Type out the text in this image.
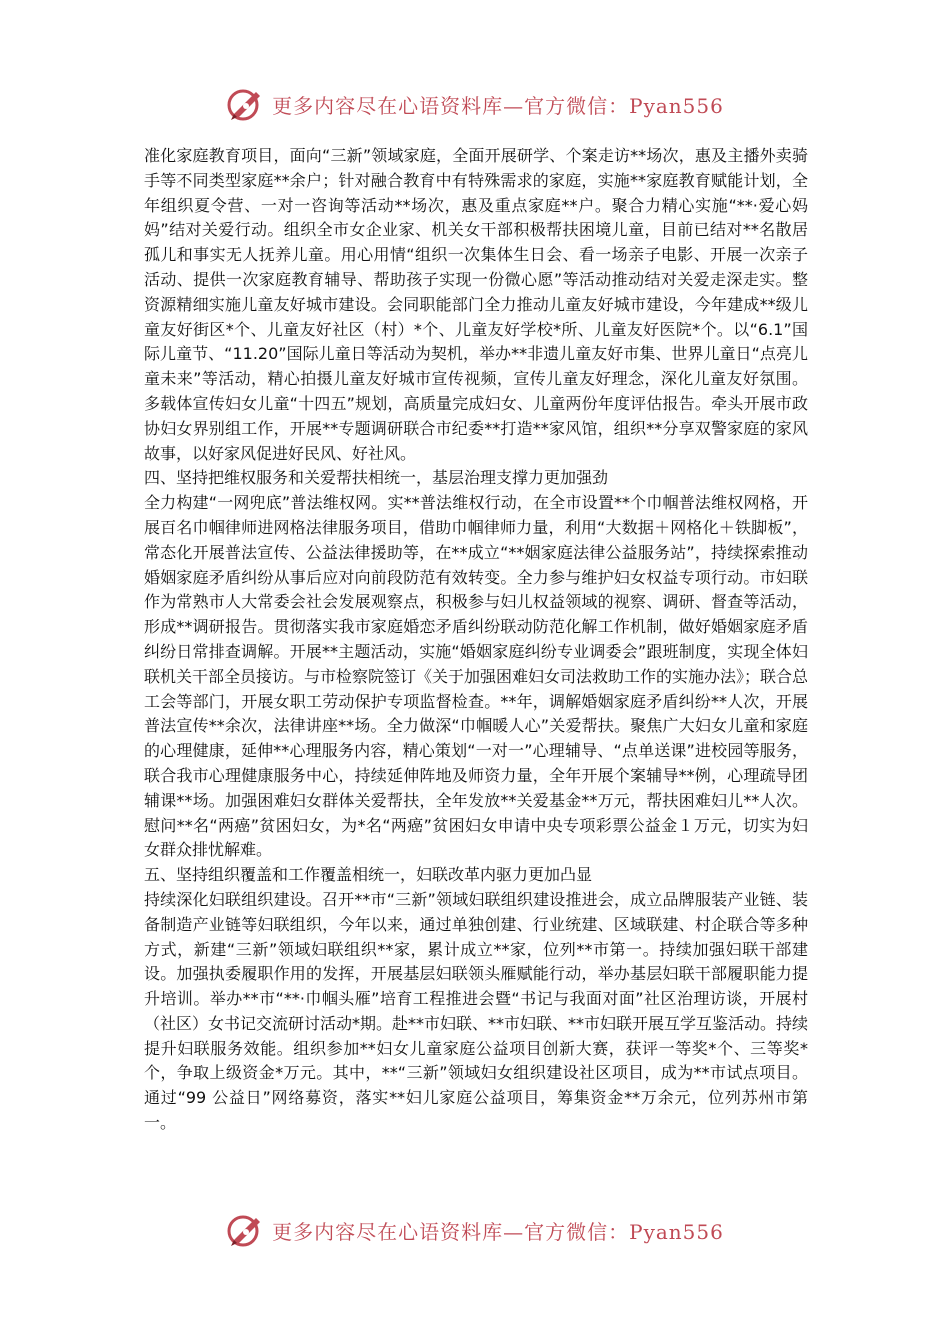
更多内容尽在心语资料库—官方微信：Pyan556

准化家庭教育项目，面向“三新”领域家庭，全面开展研学、个案走访**场次，惠及主播外卖骑手等不同类型家庭**余户；针对融合教育中有特殊需求的家庭，实施**家庭教育赋能计划，全年组织夏令营、一对一咨询等活动**场次，惠及重点家庭**户。聚合力精心实施“**·爱心妈妈”结对关爱行动。组织全市女企业家、机关女干部积极帮扶困境儿童，目前已结对**名散居孤儿和事实无人抚养儿童。用心用情“组织一次集体生日会、看一场亲子电影、开展一次亲子活动、提供一次家庭教育辅导、帮助孩子实现一份微心愿”等活动推动结对关爱走深走实。整资源精细实施儿童友好城市建设。会同职能部门全力推动儿童友好城市建设，今年建成**级儿童友好街区*个、儿童友好社区（村）*个、儿童友好学校*所、儿童友好医院*个。以“6.1”国际儿童节、“11.20”国际儿童日等活动为契机，举办**非遗儿童友好市集、世界儿童日“点亮儿童未来”等活动，精心拍摄儿童友好城市宣传视频，宣传儿童友好理念，深化儿童友好氛围。多载体宣传妇女儿童“十四五”规划，高质量完成妇女、儿童两份年度评估报告。牵头开展市政协妇女界别组工作，开展**专题调研联合市纪委**打造**家风馆，组织**分享双警家庭的家风故事，以好家风促进好民风、好社风。

四、坚持把维权服务和关爱帮扶相统一，基层治理支撑力更加强劲

全力构建“一网兜底”普法维权网。实**普法维权行动，在全市设置**个巾帼普法维权网格，开展百名巾帼律师进网格法律服务项目，借助巾帼律师力量，利用“大数据＋网格化＋铁脚板”，常态化开展普法宣传、公益法律援助等，在**成立“**姻家庭法律公益服务站”，持续探索推动婚姻家庭矛盾纠纷从事后应对向前段防范有效转变。全力参与维护妇女权益专项行动。市妇联作为常熟市人大常委会社会发展观察点，积极参与妇儿权益领域的视察、调研、督查等活动，形成**调研报告。贯彻落实我市家庭婚恋矛盾纠纷联动防范化解工作机制，做好婚姻家庭矛盾纠纷日常排查调解。开展**主题活动，实施“婚姻家庭纠纷专业调委会”跟班制度，实现全体妇联机关干部全员接访。与市检察院签订《关于加强困难妇女司法救助工作的实施办法》；联合总工会等部门，开展女职工劳动保护专项监督检查。**年，调解婚姻家庭矛盾纠纷**人次，开展普法宣传**余次，法律讲座**场。全力做深“巾帼暖人心”关爱帮扶。聚焦广大妇女儿童和家庭的心理健康，延伸**心理服务内容，精心策划“一对一”心理辅导、“点单送课”进校园等服务，联合我市心理健康服务中心，持续延伸阵地及师资力量，全年开展个案辅导**例，心理疏导团辅课**场。加强困难妇女群体关爱帮扶，全年发放**关爱基金**万元，帮扶困难妇儿**人次。慰问**名“两癌”贫困妇女，为*名“两癌”贫困妇女申请中央专项彩票公益金１万元，切实为妇女群众排忧解难。

五、坚持组织覆盖和工作覆盖相统一，妇联改革内驱力更加凸显

持续深化妇联组织建设。召开**市“三新”领域妇联组织建设推进会，成立品牌服装产业链、装备制造产业链等妇联组织，今年以来，通过单独创建、行业统建、区域联建、村企联合等多种方式，新建“三新”领域妇联组织**家，累计成立**家，位列**市第一。持续加强妇联干部建设。加强执委履职作用的发挥，开展基层妇联领头雁赋能行动，举办基层妇联干部履职能力提升培训。举办**市“**·巾帼头雁”培育工程推进会暨“书记与我面对面”社区治理访谈，开展村（社区）女书记交流研讨活动*期。赴**市妇联、**市妇联、**市妇联开展互学互鉴活动。持续提升妇联服务效能。组织参加**妇女儿童家庭公益项目创新大赛，获评一等奖*个、三等奖*个，争取上级资金*万元。其中，**“三新”领域妇女组织建设社区项目，成为**市试点项目。通过“99 公益日”网络募资，落实**妇儿家庭公益项目，筹集资金**万余元，位列苏州市第一。

更多内容尽在心语资料库—官方微信：Pyan556
